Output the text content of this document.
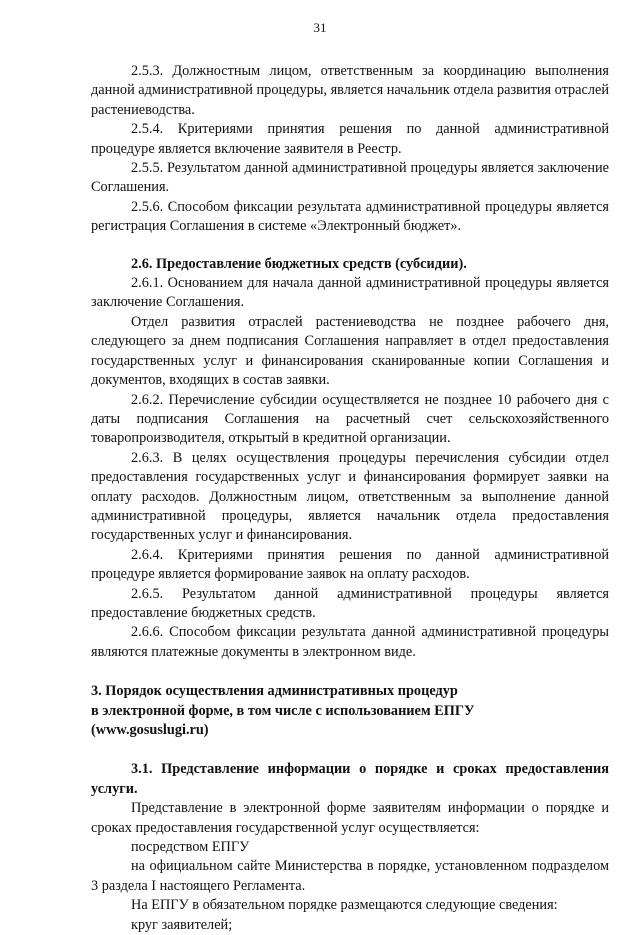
31

2.5.3. Должностным лицом, ответственным за координацию выполнения данной административной процедуры, является начальник отдела развития отраслей растениеводства.

2.5.4. Критериями принятия решения по данной административной процедуре является включение заявителя в Реестр.

2.5.5. Результатом данной административной процедуры является заключение Соглашения.

2.5.6. Способом фиксации результата административной процедуры является регистрация Соглашения в системе «Электронный бюджет».

2.6. Предоставление бюджетных средств (субсидии).

2.6.1. Основанием для начала данной административной процедуры является заключение Соглашения.

Отдел развития отраслей растениеводства не позднее рабочего дня, следующего за днем подписания Соглашения направляет в отдел предоставления государственных услуг и финансирования сканированные копии Соглашения и документов, входящих в состав заявки.

2.6.2. Перечисление субсидии осуществляется не позднее 10 рабочего дня с даты подписания Соглашения на расчетный счет сельскохозяйственного товаропроизводителя, открытый в кредитной организации.

2.6.3. В целях осуществления процедуры перечисления субсидии отдел предоставления государственных услуг и финансирования формирует заявки на оплату расходов. Должностным лицом, ответственным за выполнение данной административной процедуры, является начальник отдела предоставления государственных услуг и финансирования.

2.6.4. Критериями принятия решения по данной административной процедуре является формирование заявок на оплату расходов.

2.6.5. Результатом данной административной процедуры является предоставление бюджетных средств.

2.6.6. Способом фиксации результата данной административной процедуры являются платежные документы в электронном виде.

3. Порядок осуществления административных процедур

в электронной форме, в том числе с использованием ЕПГУ

(www.gosuslugi.ru)

3.1. Представление информации о порядке и сроках предоставления услуги.

Представление в электронной форме заявителям информации о порядке и сроках предоставления государственной услуг осуществляется:

посредством ЕПГУ

на официальном сайте Министерства в порядке, установленном подразделом 3 раздела I настоящего Регламента.

На ЕПГУ в обязательном порядке размещаются следующие сведения:

круг заявителей;
